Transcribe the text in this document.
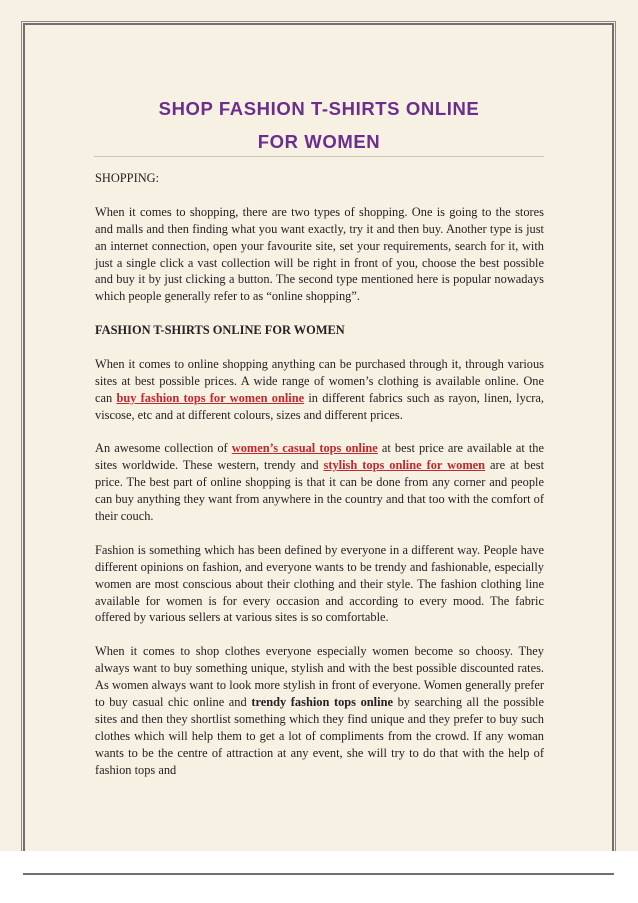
SHOP FASHION T-SHIRTS ONLINE
FOR WOMEN

SHOPPING:

When it comes to shopping, there are two types of shopping. One is going to the stores and malls and then finding what you want exactly, try it and then buy. Another type is just an internet connection, open your favourite site, set your requirements, search for it, with just a single click a vast collection will be right in front of you, choose the best possible and buy it by just clicking a button. The second type mentioned here is popular nowadays which people generally refer to as “online shopping”.

FASHION T-SHIRTS ONLINE FOR WOMEN

When it comes to online shopping anything can be purchased through it, through various sites at best possible prices. A wide range of women’s clothing is available online. One can buy fashion tops for women online in different fabrics such as rayon, linen, lycra, viscose, etc and at different colours, sizes and different prices.

An awesome collection of women’s casual tops online at best price are available at the sites worldwide. These western, trendy and stylish tops online for women are at best price. The best part of online shopping is that it can be done from any corner and people can buy anything they want from anywhere in the country and that too with the comfort of their couch.

Fashion is something which has been defined by everyone in a different way. People have different opinions on fashion, and everyone wants to be trendy and fashionable, especially women are most conscious about their clothing and their style. The fashion clothing line available for women is for every occasion and according to every mood. The fabric offered by various sellers at various sites is so comfortable.

When it comes to shop clothes everyone especially women become so choosy. They always want to buy something unique, stylish and with the best possible discounted rates. As women always want to look more stylish in front of everyone. Women generally prefer to buy casual chic online and trendy fashion tops online by searching all the possible sites and then they shortlist something which they find unique and they prefer to buy such clothes which will help them to get a lot of compliments from the crowd. If any woman wants to be the centre of attraction at any event, she will try to do that with the help of fashion tops and
